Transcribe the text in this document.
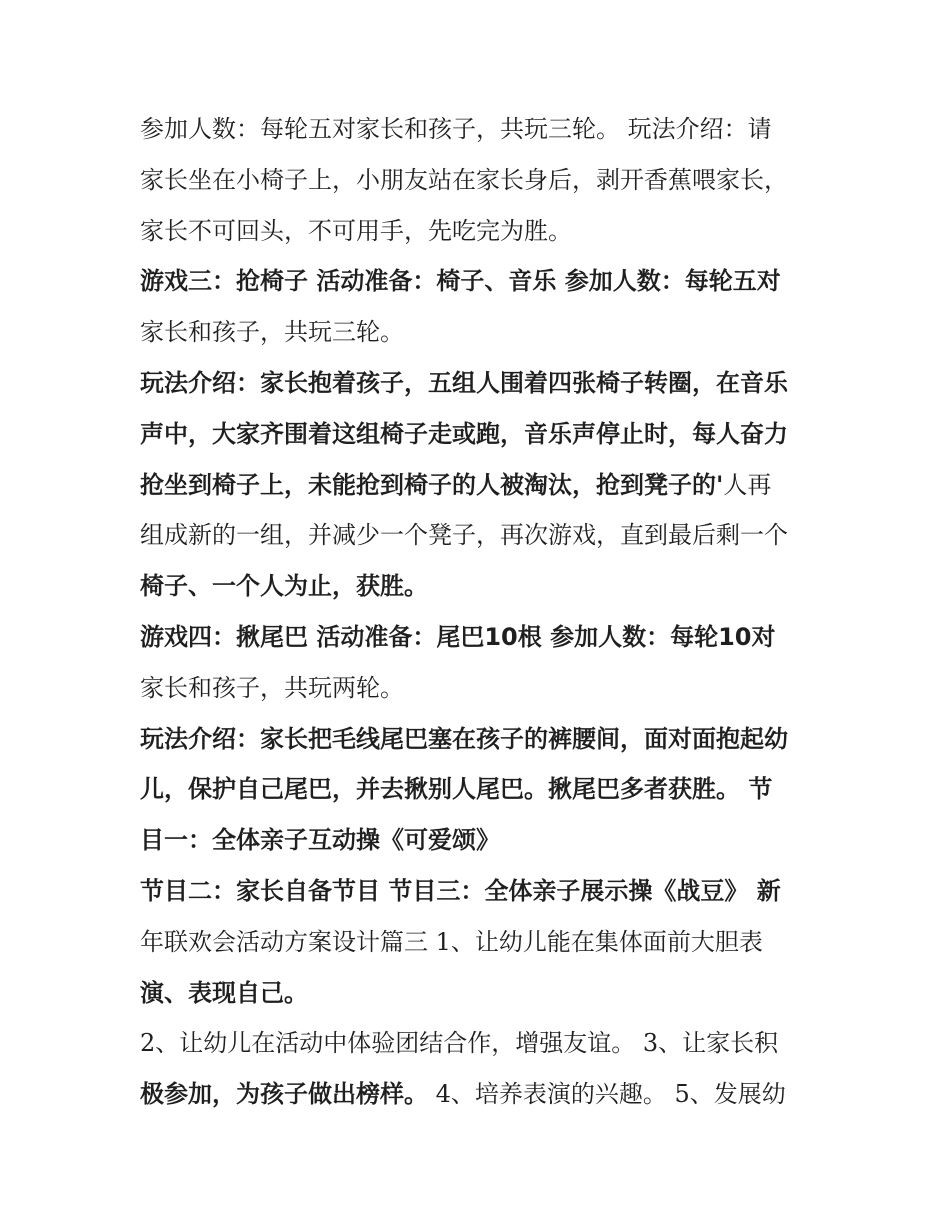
参加人数：每轮五对家长和孩子，共玩三轮。 玩法介绍：请
家长坐在小椅子上，小朋友站在家长身后，剥开香蕉喂家长，
家长不可回头，不可用手，先吃完为胜。
游戏三：抢椅子 活动准备：椅子、音乐 参加人数：每轮五对
家长和孩子，共玩三轮。
玩法介绍：家长抱着孩子，五组人围着四张椅子转圈，在音乐
声中，大家齐围着这组椅子走或跑，音乐声停止时，每人奋力
抢坐到椅子上，未能抢到椅子的人被淘汰，抢到凳子的'人再
组成新的一组，并减少一个凳子，再次游戏，直到最后剩一个
椅子、一个人为止，获胜。
游戏四：揪尾巴 活动准备：尾巴10根 参加人数：每轮10对
家长和孩子，共玩两轮。
玩法介绍：家长把毛线尾巴塞在孩子的裤腰间，面对面抱起幼
儿，保护自己尾巴，并去揪别人尾巴。揪尾巴多者获胜。 节
目一：全体亲子互动操《可爱颂》
节目二：家长自备节目 节目三：全体亲子展示操《战豆》 新
年联欢会活动方案设计篇三 1、让幼儿能在集体面前大胆表
演、表现自己。
2、让幼儿在活动中体验团结合作，增强友谊。 3、让家长积
极参加，为孩子做出榜样。 4、培养表演的兴趣。 5、发展幼
